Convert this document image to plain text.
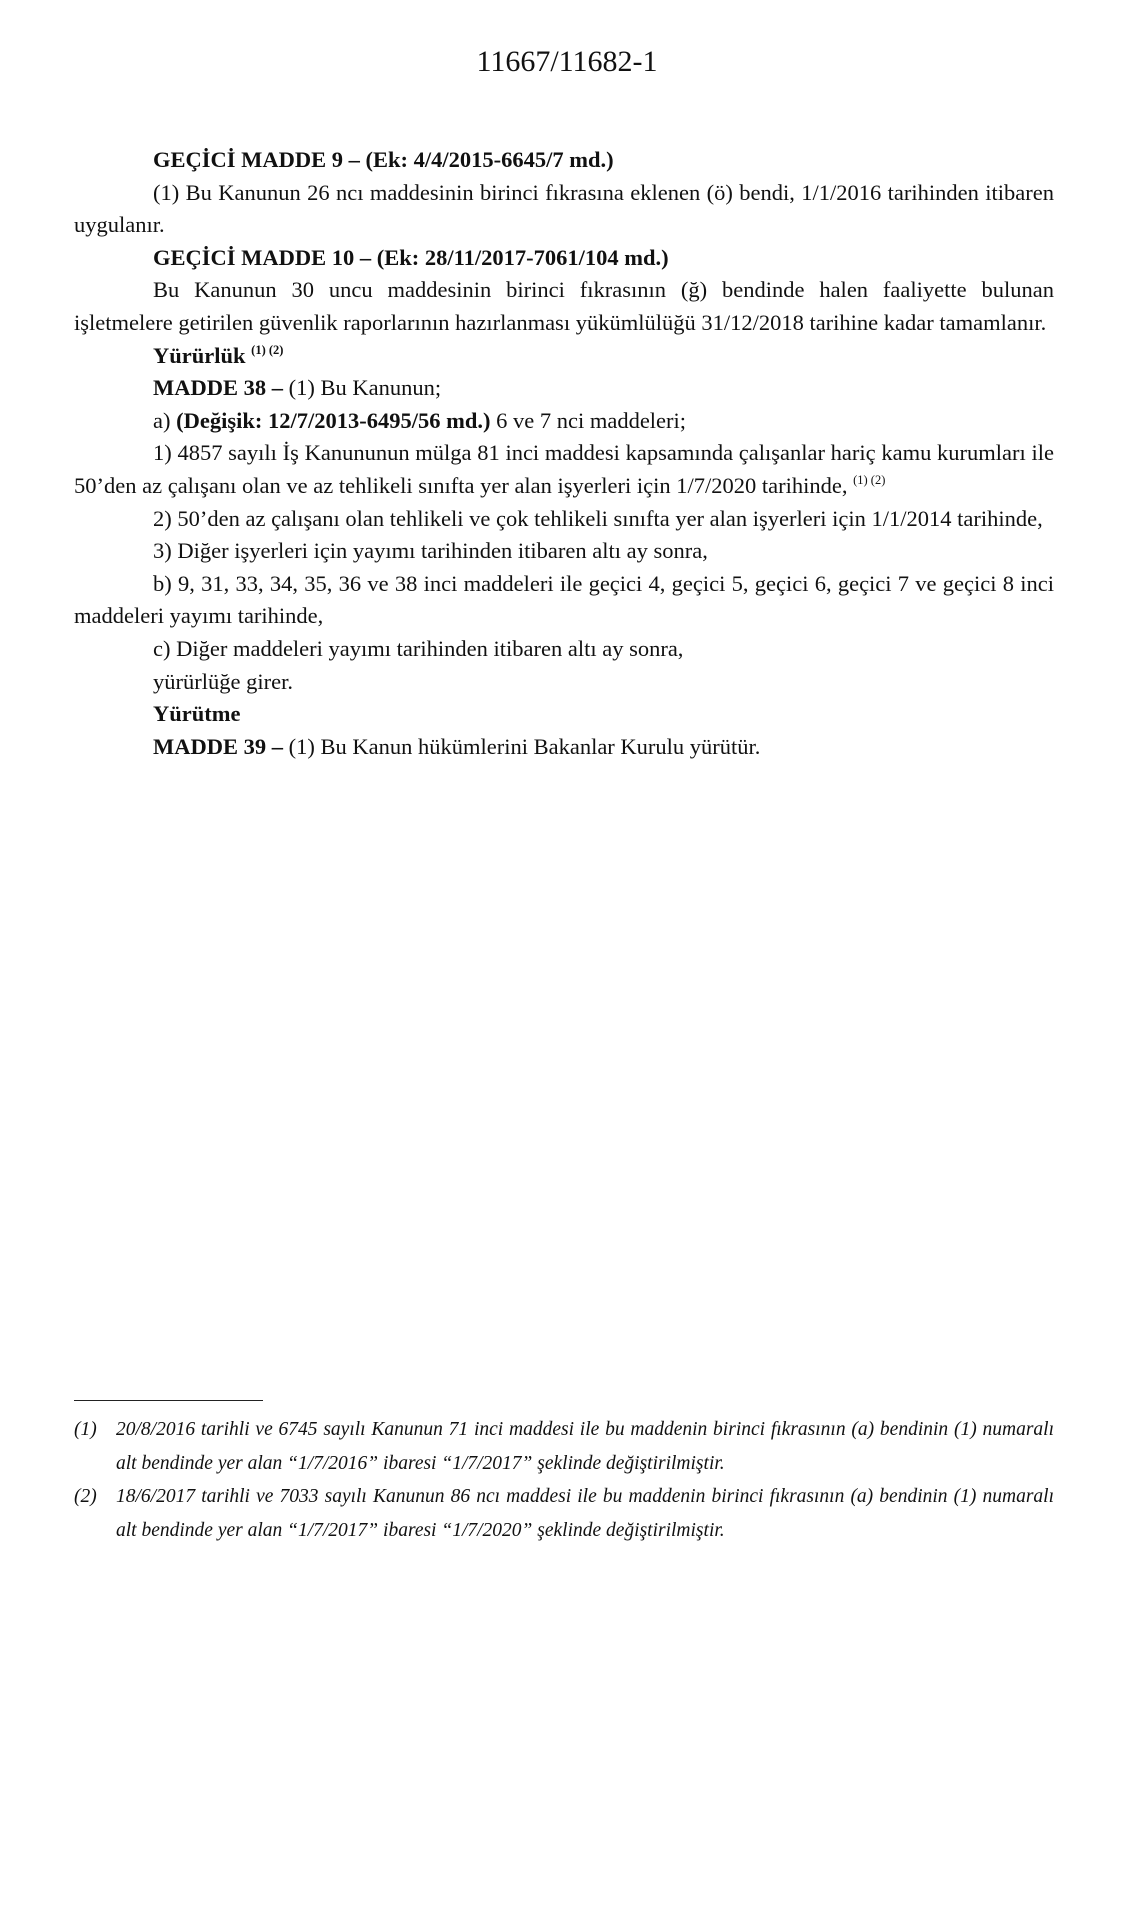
11667/11682-1

GEÇİCİ MADDE 9 – (Ek: 4/4/2015-6645/7 md.)

(1) Bu Kanunun 26 ncı maddesinin birinci fıkrasına eklenen (ö) bendi, 1/1/2016 tarihinden itibaren uygulanır.

GEÇİCİ MADDE 10 – (Ek: 28/11/2017-7061/104 md.)

Bu Kanunun 30 uncu maddesinin birinci fıkrasının (ğ) bendinde halen faaliyette bulunan işletmelere getirilen güvenlik raporlarının hazırlanması yükümlülüğü 31/12/2018 tarihine kadar tamamlanır.

Yürürlük $^{(1) (2)}$

MADDE 38 – (1) Bu Kanunun;

a) (Değişik: 12/7/2013-6495/56 md.) 6 ve 7 nci maddeleri;

1) 4857 sayılı İş Kanununun mülga 81 inci maddesi kapsamında çalışanlar hariç kamu kurumları ile 50’den az çalışanı olan ve az tehlikeli sınıfta yer alan işyerleri için 1/7/2020 tarihinde, $^{(1) (2)}$

2) 50’den az çalışanı olan tehlikeli ve çok tehlikeli sınıfta yer alan işyerleri için 1/1/2014 tarihinde,

3) Diğer işyerleri için yayımı tarihinden itibaren altı ay sonra,

b) 9, 31, 33, 34, 35, 36 ve 38 inci maddeleri ile geçici 4, geçici 5, geçici 6, geçici 7 ve geçici 8 inci maddeleri yayımı tarihinde,

c) Diğer maddeleri yayımı tarihinden itibaren altı ay sonra,

yürürlüğe girer.

Yürütme

MADDE 39 – (1) Bu Kanun hükümlerini Bakanlar Kurulu yürütür.

(1) 20/8/2016 tarihli ve 6745 sayılı Kanunun 71 inci maddesi ile bu maddenin birinci fıkrasının (a) bendinin (1) numaralı alt bendinde yer alan “1/7/2016” ibaresi “1/7/2017” şeklinde değiştirilmiştir.
(2) 18/6/2017 tarihli ve 7033 sayılı Kanunun 86 ncı maddesi ile bu maddenin birinci fıkrasının (a) bendinin (1) numaralı alt bendinde yer alan “1/7/2017” ibaresi “1/7/2020” şeklinde değiştirilmiştir.
